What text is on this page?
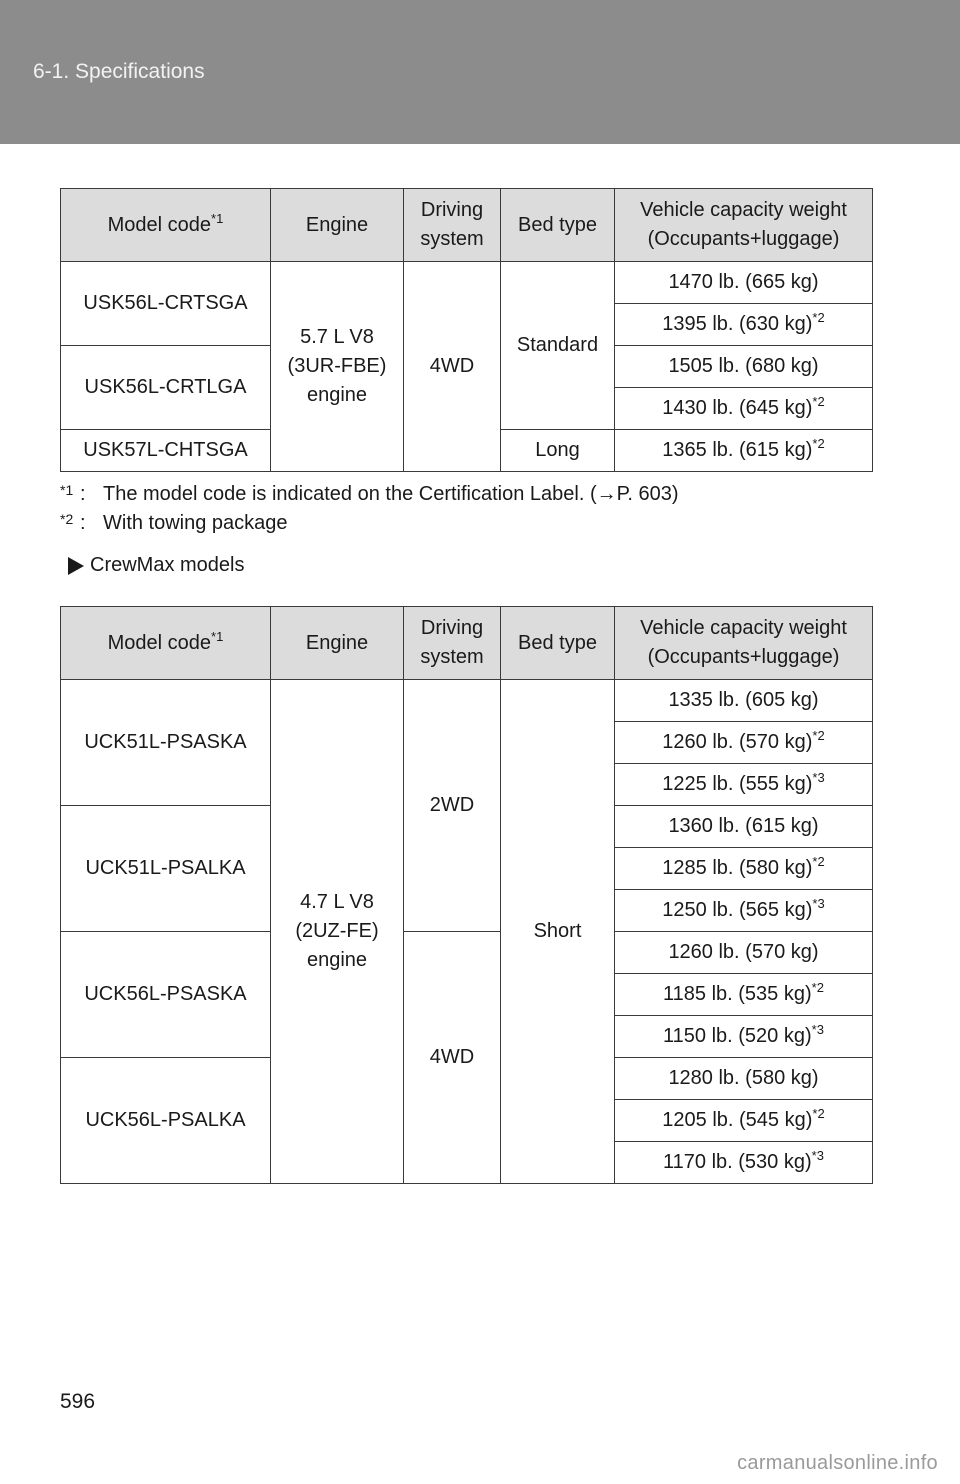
6-1. Specifications
Model code$^{*1}$	Engine	Driving
system	Bed type	Vehicle capacity weight
(Occupants+luggage)
USK56L-CRTSGA	5.7 L V8
(3UR-FBE)
engine	4WD	Standard	1470 lb. (665 kg)
				1395 lb. (630 kg)$^{*2}$
USK56L-CRTLGA				1505 lb. (680 kg)
				1430 lb. (645 kg)$^{*2}$
USK57L-CHTSGA			Long	1365 lb. (615 kg)$^{*2}$
*1 : The model code is indicated on the Certification Label. (→P. 603)
*2 : With towing package
CrewMax models
Model code$^{*1}$	Engine	Driving
system	Bed type	Vehicle capacity weight
(Occupants+luggage)
UCK51L-PSASKA	4.7 L V8
(2UZ-FE)
engine	2WD	Short	1335 lb. (605 kg)
				1260 lb. (570 kg)$^{*2}$
				1225 lb. (555 kg)$^{*3}$
UCK51L-PSALKA				1360 lb. (615 kg)
				1285 lb. (580 kg)$^{*2}$
				1250 lb. (565 kg)$^{*3}$
UCK56L-PSASKA		4WD		1260 lb. (570 kg)
				1185 lb. (535 kg)$^{*2}$
				1150 lb. (520 kg)$^{*3}$
UCK56L-PSALKA				1280 lb. (580 kg)
				1205 lb. (545 kg)$^{*2}$
				1170 lb. (530 kg)$^{*3}$
596
carmanualsonline.info
